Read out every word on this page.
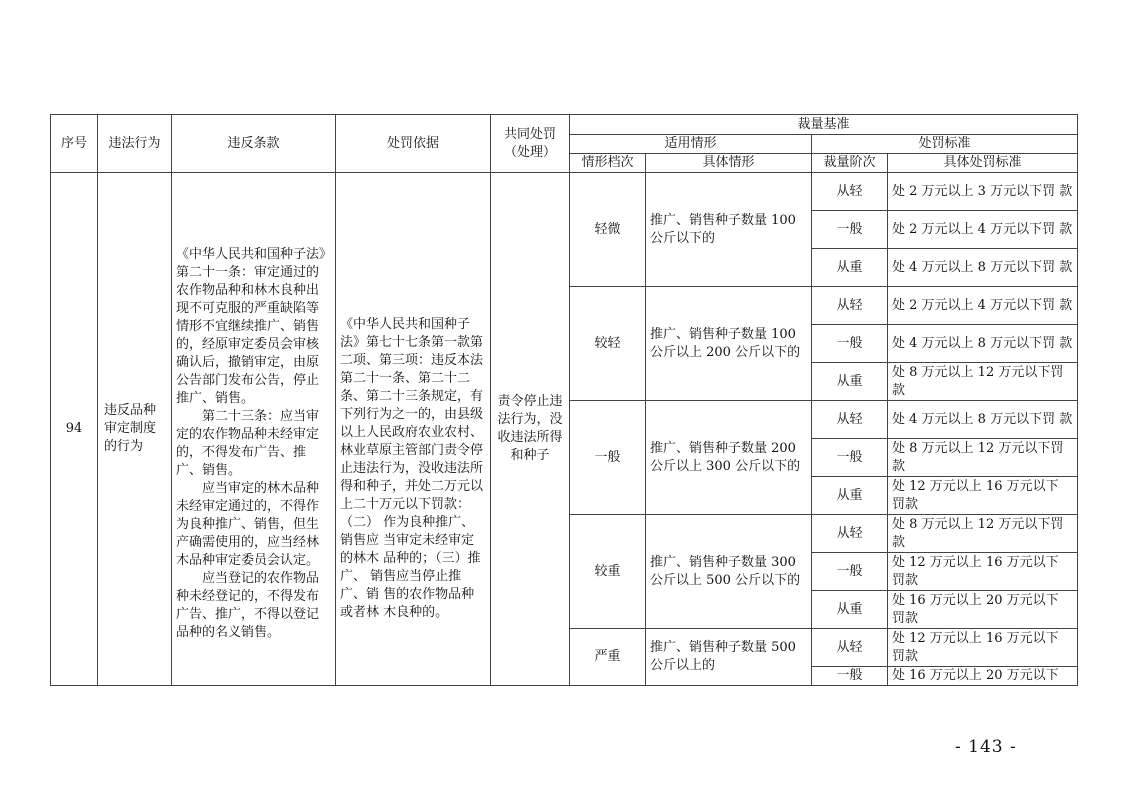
序号	违法行为	违反条款	处罚依据	共同处罚（处理）	裁量基准			
					适用情形		处罚标准	
					情形档次	具体情形	裁量阶次	具体处罚标准
94	违反品种审定制度的行为	《中华人民共和国种子法》第二十一条：审定通过的农作物品种和林木良种出现不可克服的严重缺陷等情形不宜继续推广、销售的，经原审定委员会审核确认后，撤销审定，由原公告部门发布公告，停止推广、销售。

第二十三条：应当审定的农作物品种未经审定的，不得发布广告、推广、销售。

应当审定的林木品种未经审定通过的，不得作为良种推广、销售，但生产确需使用的，应当经林木品种审定委员会认定。

应当登记的农作物品种未经登记的，不得发布广告、推广，不得以登记品种的名义销售。	《中华人民共和国种子法》第七十七条第一款第二项、第三项：违反本法第二十一条、第二十二条、第二十三条规定，有下列行为之一的，由县级以上人民政府农业农村、林业草原主管部门责令停止违法行为，没收违法所得和种子，并处二万元以上二十万元以下罚款：（二） 作为良种推广、销售应 当审定未经审定的林木 品种的；（三）推广、 销售应当停止推广、销 售的农作物品种或者林 木良种的。	责令停止违法行为，没收违法所得和种子	轻微	推广、销售种子数量 100 公斤以下的	从轻	处 2 万元以上 3 万元以下罚 款
							一般	处 2 万元以上 4 万元以下罚 款
							从重	处 4 万元以上 8 万元以下罚 款
					较轻	推广、销售种子数量 100 公斤以上 200 公斤以下的	从轻	处 2 万元以上 4 万元以下罚 款
							一般	处 4 万元以上 8 万元以下罚 款
							从重	处 8 万元以上 12 万元以下罚 款
					一般	推广、销售种子数量 200 公斤以上 300 公斤以下的	从轻	处 4 万元以上 8 万元以下罚 款
							一般	处 8 万元以上 12 万元以下罚 款
							从重	处 12 万元以上 16 万元以下 罚款
					较重	推广、销售种子数量 300 公斤以上 500 公斤以下的	从轻	处 8 万元以上 12 万元以下罚 款
							一般	处 12 万元以上 16 万元以下 罚款
							从重	处 16 万元以上 20 万元以下 罚款
					严重	推广、销售种子数量 500 公斤以上的	从轻	处 12 万元以上 16 万元以下 罚款
							一般	处 16 万元以上 20 万元以下
- 143 -
